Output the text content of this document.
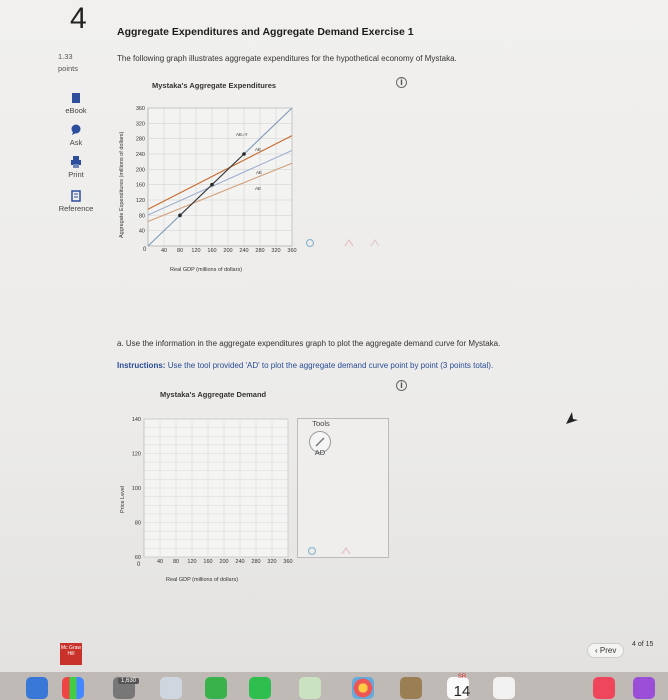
4	Aggregate Expenditures and Aggregate Demand Exercise 1
1.33
points
The following graph illustrates aggregate expenditures for the hypothetical economy of Mystaka.
eBook
Ask
Print
Reference
Mystaka's Aggregate Expenditures	i
AE=Y
AE
AE
AE
40 80 120 160 200 240 280 320 360
40
80
120
160
200
240
280
320
360
0
Aggregate Expenditures (millions of dollars)
Real GDP (millions of dollars)
a. Use the information in the aggregate expenditures graph to plot the aggregate demand curve for Mystaka.
Instructions: Use the tool provided 'AD' to plot the aggregate demand curve point by point (3 points total).
i
Mystaka's Aggregate Demand
40 80 120 160 200 240 280 320 360
60
80
100
120
140
0
Price Level
Real GDP (millions of dollars)
Tools
AD
Mc Graw Hill	‹ Prev
4 of 15
1,630
SR
14
